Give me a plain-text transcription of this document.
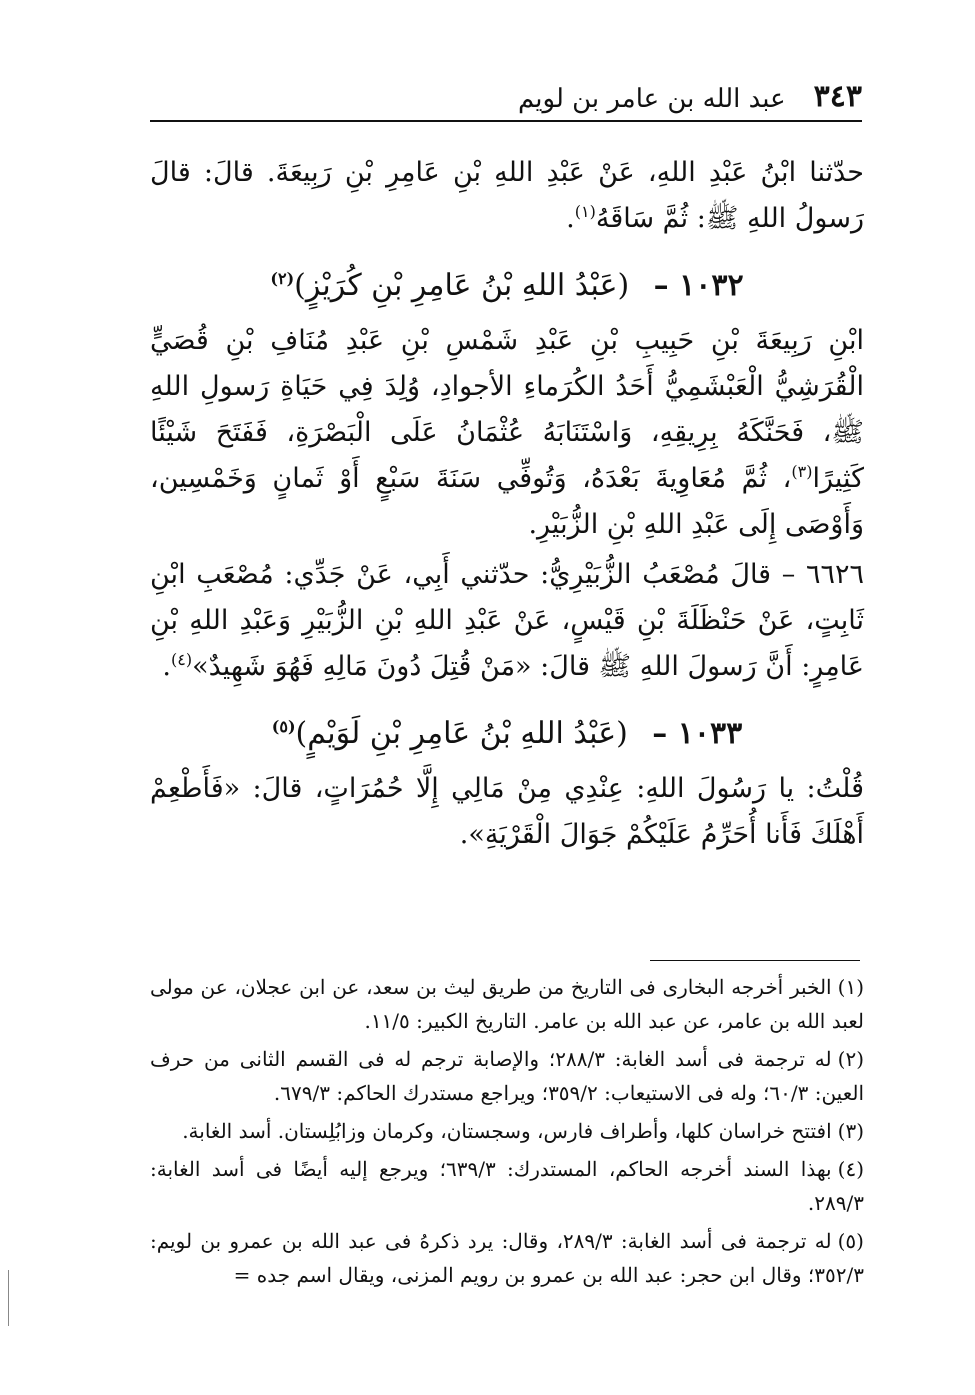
٣٤٣
عبد الله بن عامر بن لويم

حدّثنا ابْنُ عَبْدِ اللهِ، عَنْ عَبْدِ اللهِ بْنِ عَامِرِ بْنِ رَبِيعَةَ. قالَ: قالَ رَسولُ اللهِ ﷺ: ثُمَّ سَاقَهُ$^{(١)}$.

١٠٣٢ – (عَبْدُ اللهِ بْنُ عَامِرِ بْنِ كُرَيْزٍ)$^{(٢)}$

ابْنِ رَبِيعَةَ بْنِ حَبِيبِ بْنِ عَبْدِ شَمْسِ بْنِ عَبْدِ مُنَافِ بْنِ قُصَيٍّ الْقُرَشِيُّ الْعَبْشَمِيُّ أَحَدُ الكُرَماءِ الأجوادِ، وُلِدَ فِي حَيَاةِ رَسولِ اللهِ ﷺ، فَحَنَّكَهُ بِرِيقِهِ، وَاسْتَنَابَهُ عُثْمَانُ عَلَى الْبَصْرَةِ، فَفَتَحَ شَيْئًا كَثِيرًا$^{(٣)}$، ثُمَّ مُعَاوِيةَ بَعْدَهُ، وَتُوفِّي سَنَةَ سَبْعٍ أَوْ ثَمانٍ وَخَمْسِين، وَأَوْصَى إِلَى عَبْدِ اللهِ بْنِ الزُّبَيْرِ.

٦٦٢٦ – قالَ مُصْعَبُ الزُّبَيْرِيُّ: حدّثني أَبِي، عَنْ جَدِّي: مُصْعَبِ ابْنِ ثَابِتٍ، عَنْ حَنْظَلَةَ بْنِ قَيْسٍ، عَنْ عَبْدِ اللهِ بْنِ الزُّبَيْرِ وَعَبْدِ اللهِ بْنِ عَامِرٍ: أَنَّ رَسولَ اللهِ ﷺ قالَ: «مَنْ قُتِلَ دُونَ مَالِهِ فَهُوَ شَهِيدٌ»$^{(٤)}$.

١٠٣٣ – (عَبْدُ اللهِ بْنُ عَامِرِ بْنِ لَوَيْمٍ)$^{(٥)}$

قُلْتُ: يا رَسُولَ اللهِ: عِنْدِي مِنْ مَالِي إِلَّا حُمُرَاتٍ، قالَ: «فَأَطْعِمْ أَهْلَكَ فَأَنا أُحَرِّمُ عَلَيْكُمْ جَوَالَ الْقَرْيَةِ».

(١)الخبر أخرجه البخارى فى التاريخ من طريق ليث بن سعد، عن ابن عجلان، عن مولى لعبد الله بن عامر، عن عبد الله بن عامر. التاريخ الكبير: ١١/٥.

(٢)له ترجمة فى أسد الغابة: ٢٨٨/٣؛ والإصابة ترجم له فى القسم الثانى من حرف العين: ٦٠/٣؛ وله فى الاستيعاب: ٣٥٩/٢؛ ويراجع مستدرك الحاكم: ٦٧٩/٣.

(٣)افتتح خراسان كلها، وأطراف فارس، وسجستان، وكرمان وزابُلِستان. أسد الغابة.

(٤)بهذا السند أخرجه الحاكم، المستدرك: ٦٣٩/٣؛ ويرجع إليه أيضًا فى أسد الغابة: ٢٨٩/٣.

(٥)له ترجمة فى أسد الغابة: ٢٨٩/٣، وقال: يرد ذكرهُ فى عبد الله بن عمرو بن لويم: ٣٥٢/٣؛ وقال ابن حجر: عبد الله بن عمرو بن رويم المزنى، ويقال اسم جده =
